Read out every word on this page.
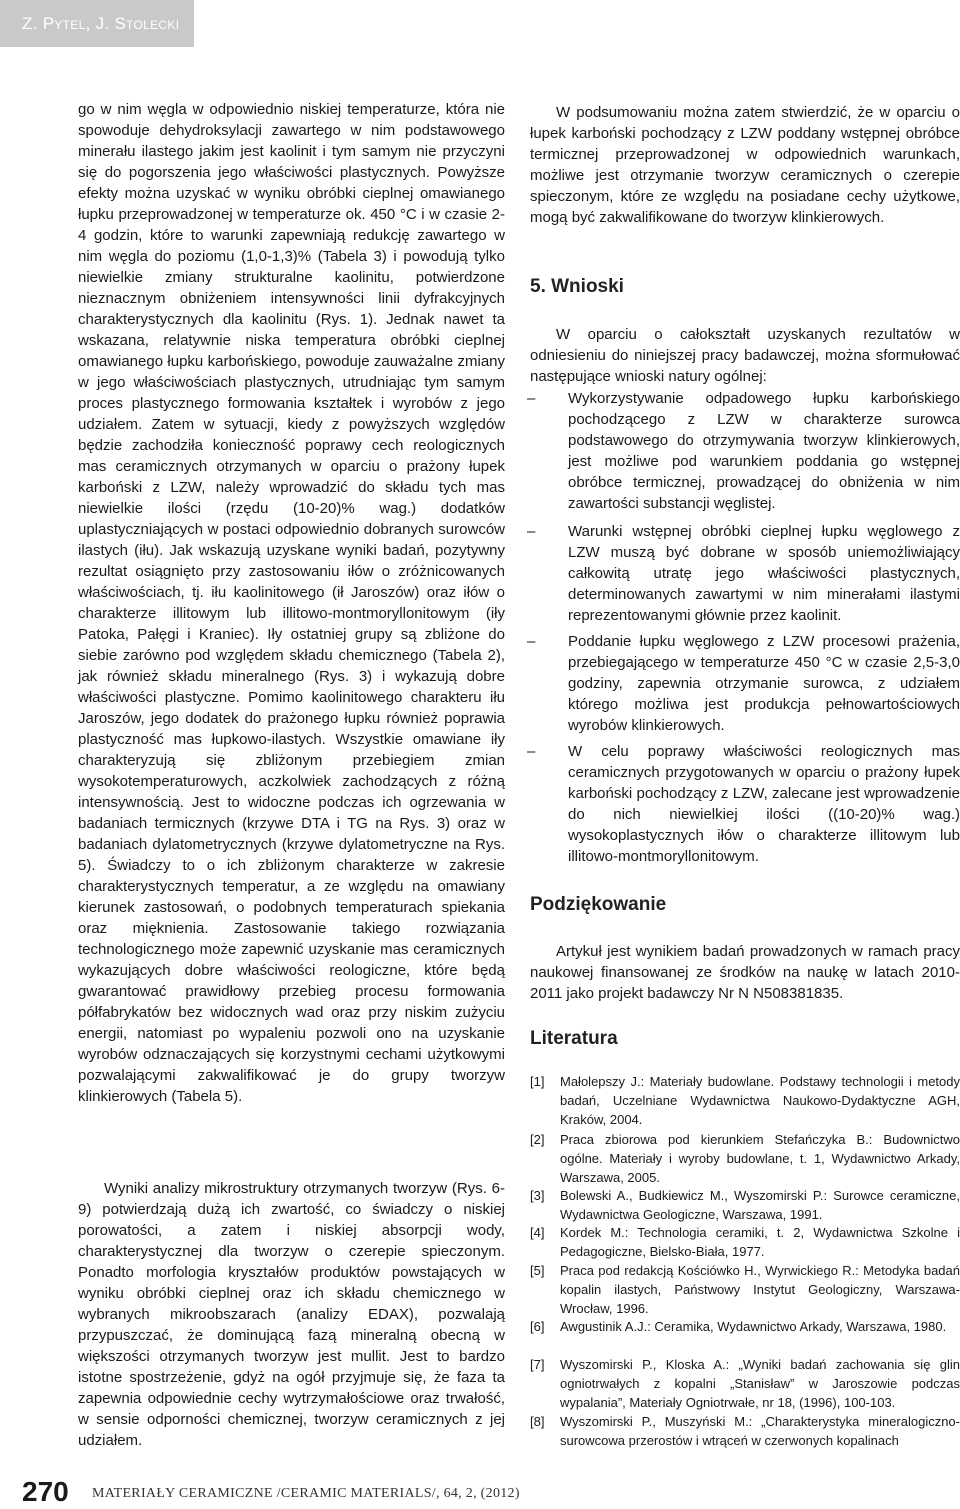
Z. Pytel, J. Stolecki

go w nim węgla w odpowiednio niskiej temperaturze, która nie spowoduje dehydroksylacji zawartego w nim podstawowego minerału ilastego jakim jest kaolinit i tym samym nie przyczyni się do pogorszenia jego właściwości plastycznych. Powyższe efekty można uzyskać w wyniku obróbki cieplnej omawianego łupku przeprowadzonej w temperaturze ok. 450 °C i w czasie 2-4 godzin, które to warunki zapewniają redukcję zawartego w nim węgla do poziomu (1,0-1,3)% (Tabela 3) i powodują tylko niewielkie zmiany strukturalne kaolinitu, potwierdzone nieznacznym obniżeniem intensywności linii dyfrakcyjnych charakterystycznych dla kaolinitu (Rys. 1). Jednak nawet ta wskazana, relatywnie niska temperatura obróbki cieplnej omawianego łupku karbońskiego, powoduje zauważalne zmiany w jego właściwościach plastycznych, utrudniając tym samym proces plastycznego formowania kształtek i wyrobów z jego udziałem. Zatem w sytuacji, kiedy z powyższych względów będzie zachodziła konieczność poprawy cech reologicznych mas ceramicznych otrzymanych w oparciu o prażony łupek karboński z LZW, należy wprowadzić do składu tych mas niewielkie ilości (rzędu (10-20)% wag.) dodatków uplastyczniających w postaci odpowiednio dobranych surowców ilastych (iłu). Jak wskazują uzyskane wyniki badań, pozytywny rezultat osiągnięto przy zastosowaniu iłów o zróżnicowanych właściwościach, tj. iłu kaolinitowego (ił Jaroszów) oraz iłów o charakterze illitowym lub illitowo-montmoryllonitowym (iły Patoka, Pałęgi i Kraniec). Iły ostatniej grupy są zbliżone do siebie zarówno pod względem składu chemicznego (Tabela 2), jak również składu mineralnego (Rys. 3) i wykazują dobre właściwości plastyczne. Pomimo kaolinitowego charakteru iłu Jaroszów, jego dodatek do prażonego łupku również poprawia plastyczność mas łupkowo-ilastych. Wszystkie omawiane iły charakteryzują się zbliżonym przebiegiem zmian wysokotemperaturowych, aczkolwiek zachodzących z różną intensywnością. Jest to widoczne podczas ich ogrzewania w badaniach termicznych (krzywe DTA i TG na Rys. 3) oraz w badaniach dylatometrycznych (krzywe dylatometryczne na Rys. 5). Świadczy to o ich zbliżonym charakterze w zakresie charakterystycznych temperatur, a ze względu na omawiany kierunek zastosowań, o podobnych temperaturach spiekania oraz mięknienia. Zastosowanie takiego rozwiązania technologicznego może zapewnić uzyskanie mas ceramicznych wykazujących dobre właściwości reologiczne, które będą gwarantować prawidłowy przebieg procesu formowania półfabrykatów bez widocznych wad oraz przy niskim zużyciu energii, natomiast po wypaleniu pozwoli ono na uzyskanie wyrobów odznaczających się korzystnymi cechami użytkowymi pozwalającymi zakwalifikować je do grupy tworzyw klinkierowych (Tabela 5).

Wyniki analizy mikrostruktury otrzymanych tworzyw (Rys. 6-9) potwierdzają dużą ich zwartość, co świadczy o niskiej porowatości, a zatem i niskiej absorpcji wody, charakterystycznej dla tworzyw o czerepie spieczonym. Ponadto morfologia kryształów produktów powstających w wyniku obróbki cieplnej oraz ich składu chemicznego w wybranych mikroobszarach (analizy EDAX), pozwalają przypuszczać, że dominującą fazą mineralną obecną w większości otrzymanych tworzyw jest mullit. Jest to bardzo istotne spostrzeżenie, gdyż na ogół przyjmuje się, że faza ta zapewnia odpowiednie cechy wytrzymałościowe oraz trwałość, w sensie odporności chemicznej, tworzyw ceramicznych z jej udziałem.

W podsumowaniu można zatem stwierdzić, że w oparciu o łupek karboński pochodzący z LZW poddany wstępnej obróbce termicznej przeprowadzonej w odpowiednich warunkach, możliwe jest otrzymanie tworzyw ceramicznych o czerepie spieczonym, które ze względu na posiadane cechy użytkowe, mogą być zakwalifikowane do tworzyw klinkierowych.

5. Wnioski

W oparciu o całokształt uzyskanych rezultatów w odniesieniu do niniejszej pracy badawczej, można sformułować następujące wnioski natury ogólnej:

– Wykorzystywanie odpadowego łupku karbońskiego pochodzącego z LZW w charakterze surowca podstawowego do otrzymywania tworzyw klinkierowych, jest możliwe pod warunkiem poddania go wstępnej obróbce termicznej, prowadzącej do obniżenia w nim zawartości substancji węglistej.
– Warunki wstępnej obróbki cieplnej łupku węglowego z LZW muszą być dobrane w sposób uniemożliwiający całkowitą utratę jego właściwości plastycznych, determinowanych zawartymi w nim minerałami ilastymi reprezentowanymi głównie przez kaolinit.
– Poddanie łupku węglowego z LZW procesowi prażenia, przebiegającego w temperaturze 450 °C w czasie 2,5-3,0 godziny, zapewnia otrzymanie surowca, z udziałem którego możliwa jest produkcja pełnowartościowych wyrobów klinkierowych.
– W celu poprawy właściwości reologicznych mas ceramicznych przygotowanych w oparciu o prażony łupek karboński pochodzący z LZW, zalecane jest wprowadzenie do nich niewielkiej ilości ((10-20)% wag.) wysokoplastycznych iłów o charakterze illitowym lub illitowo-montmoryllonitowym.
Podziękowanie

Artykuł jest wynikiem badań prowadzonych w ramach pracy naukowej finansowanej ze środków na naukę w latach 2010-2011 jako projekt badawczy Nr N N508381835.

Literatura
[1] Małolepszy J.: Materiały budowlane. Podstawy technologii i metody badań, Uczelniane Wydawnictwa Naukowo-Dydaktyczne AGH, Kraków, 2004.
[2] Praca zbiorowa pod kierunkiem Stefańczyka B.: Budownictwo ogólne. Materiały i wyroby budowlane, t. 1, Wydawnictwo Arkady, Warszawa, 2005.
[3] Bolewski A., Budkiewicz M., Wyszomirski P.: Surowce ceramiczne, Wydawnictwa Geologiczne, Warszawa, 1991.
[4] Kordek M.: Technologia ceramiki, t. 2, Wydawnictwa Szkolne i Pedagogiczne, Bielsko-Biała, 1977.
[5] Praca pod redakcją Kościówko H., Wyrwickiego R.: Metodyka badań kopalin ilastych, Państwowy Instytut Geologiczny, Warszawa-Wrocław, 1996.
[6] Awgustinik A.J.: Ceramika, Wydawnictwo Arkady, Warszawa, 1980.
[7] Wyszomirski P., Kloska A.: „Wyniki badań zachowania się glin ogniotrwałych z kopalni „Stanisław” w Jaroszowie podczas wypalania”, Materiały Ogniotrwałe, nr 18, (1996), 100-103.
[8] Wyszomirski P., Muszyński M.: „Charakterystyka mineralogiczno-surowcowa przerostów i wtrąceń w czerwonych kopalinach
270 MATERIAŁY CERAMICZNE /CERAMIC MATERIALS/, 64, 2, (2012)
